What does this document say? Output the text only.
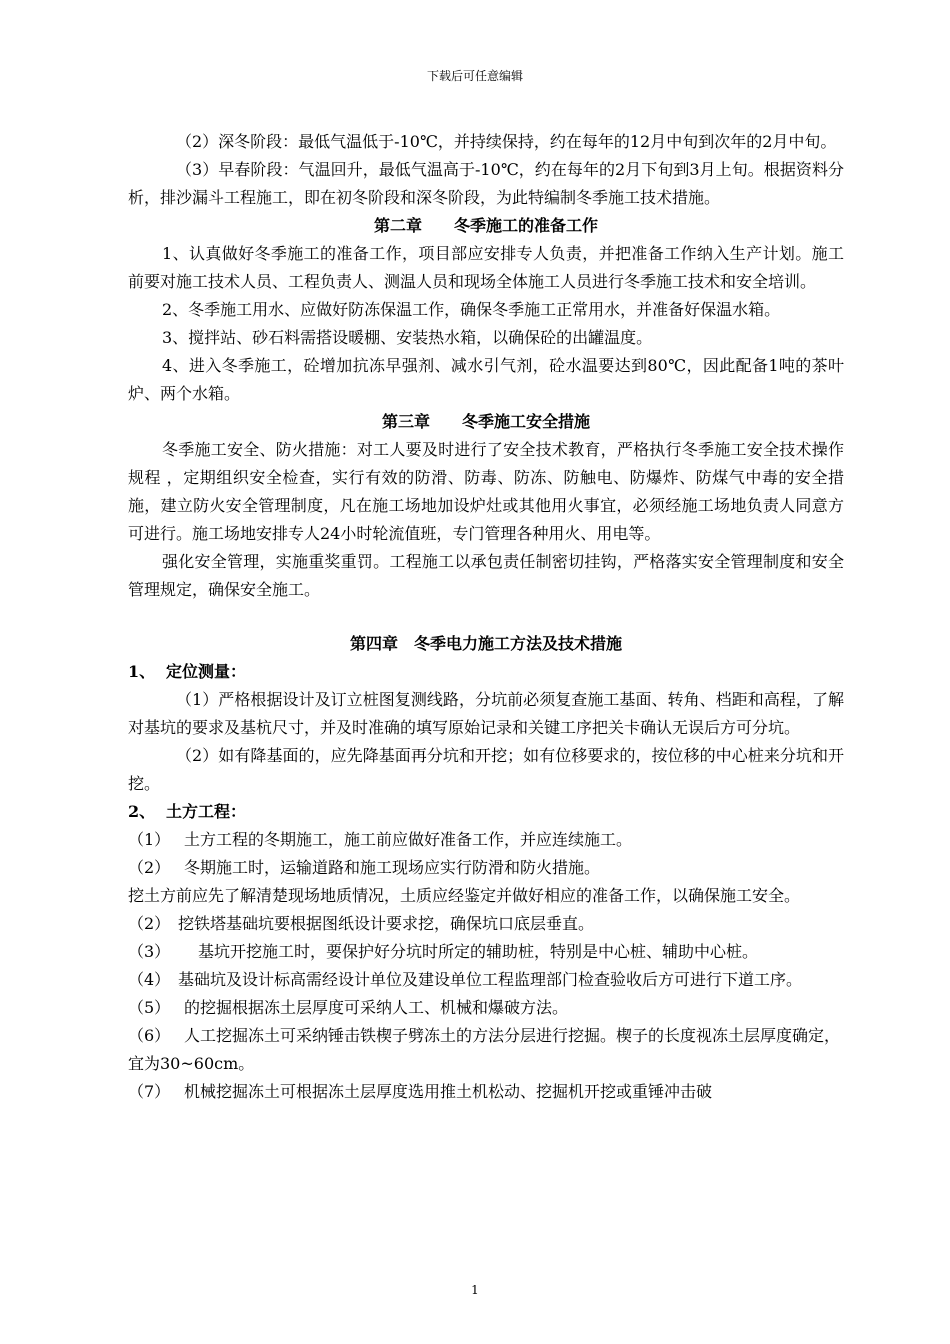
下载后可任意编辑

（2）深冬阶段：最低气温低于-10℃，并持续保持，约在每年的12月中旬到次年的2月中旬。

（3）早春阶段：气温回升，最低气温高于-10℃，约在每年的2月下旬到3月上旬。根据资料分析，排沙漏斗工程施工，即在初冬阶段和深冬阶段，为此特编制冬季施工技术措施。

第二章　　冬季施工的准备工作

1、认真做好冬季施工的准备工作，项目部应安排专人负责，并把准备工作纳入生产计划。施工前要对施工技术人员、工程负责人、测温人员和现场全体施工人员进行冬季施工技术和安全培训。

2、冬季施工用水、应做好防冻保温工作，确保冬季施工正常用水，并准备好保温水箱。

3、搅拌站、砂石料需搭设暖棚、安装热水箱，以确保砼的出罐温度。

4、进入冬季施工，砼增加抗冻早强剂、减水引气剂，砼水温要达到80℃，因此配备1吨的茶叶炉、两个水箱。

第三章　　冬季施工安全措施

冬季施工安全、防火措施：对工人要及时进行了安全技术教育，严格执行冬季施工安全技术操作规程 ，定期组织安全检查，实行有效的防滑、防毒、防冻、防触电、防爆炸、防煤气中毒的安全措施，建立防火安全管理制度，凡在施工场地加设炉灶或其他用火事宜，必须经施工场地负责人同意方可进行。施工场地安排专人24小时轮流值班，专门管理各种用火、用电等。

强化安全管理，实施重奖重罚。工程施工以承包责任制密切挂钩，严格落实安全管理制度和安全管理规定，确保安全施工。

第四章　冬季电力施工方法及技术措施

1、 定位测量：

（1）严格根据设计及订立桩图复测线路，分坑前必须复查施工基面、转角、档距和高程，了解对基坑的要求及基杭尺寸，并及时准确的填写原始记录和关键工序把关卡确认无误后方可分坑。

（2）如有降基面的，应先降基面再分坑和开挖；如有位移要求的，按位移的中心桩来分坑和开挖。

2、 土方工程：

（1） 土方工程的冬期施工，施工前应做好准备工作，并应连续施工。

（2） 冬期施工时，运输道路和施工现场应实行防滑和防火措施。

挖土方前应先了解清楚现场地质情况，土质应经鉴定并做好相应的准备工作，以确保施工安全。

（2） 挖铁塔基础坑要根据图纸设计要求挖，确保坑口底层垂直。

（3） 基坑开挖施工时，要保护好分坑时所定的辅助桩，特别是中心桩、辅助中心桩。

（4） 基础坑及设计标高需经设计单位及建设单位工程监理部门检查验收后方可进行下道工序。

（5） 的挖掘根据冻土层厚度可采纳人工、机械和爆破方法。

（6） 人工挖掘冻土可采纳锤击铁楔子劈冻土的方法分层进行挖掘。楔子的长度视冻土层厚度确定，宜为30~60cm。

（7） 机械挖掘冻土可根据冻土层厚度选用推土机松动、挖掘机开挖或重锤冲击破

1
